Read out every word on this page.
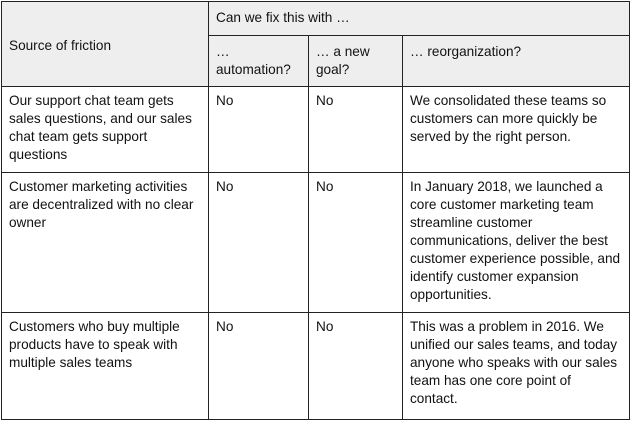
Source of friction	Can we fix this with …		
	… automation?	… a new goal?	… reorganization?
Our support chat team gets sales questions, and our sales chat team gets support questions	No	No	We consolidated these teams so customers can more quickly be served by the right person.
Customer marketing activities are decentralized with no clear owner	No	No	In January 2018, we launched a core customer marketing team streamline customer communications, deliver the best customer experience possible, and identify customer expansion opportunities.
Customers who buy multiple products have to speak with multiple sales teams	No	No	This was a problem in 2016. We unified our sales teams, and today anyone who speaks with our sales team has one core point of contact.
